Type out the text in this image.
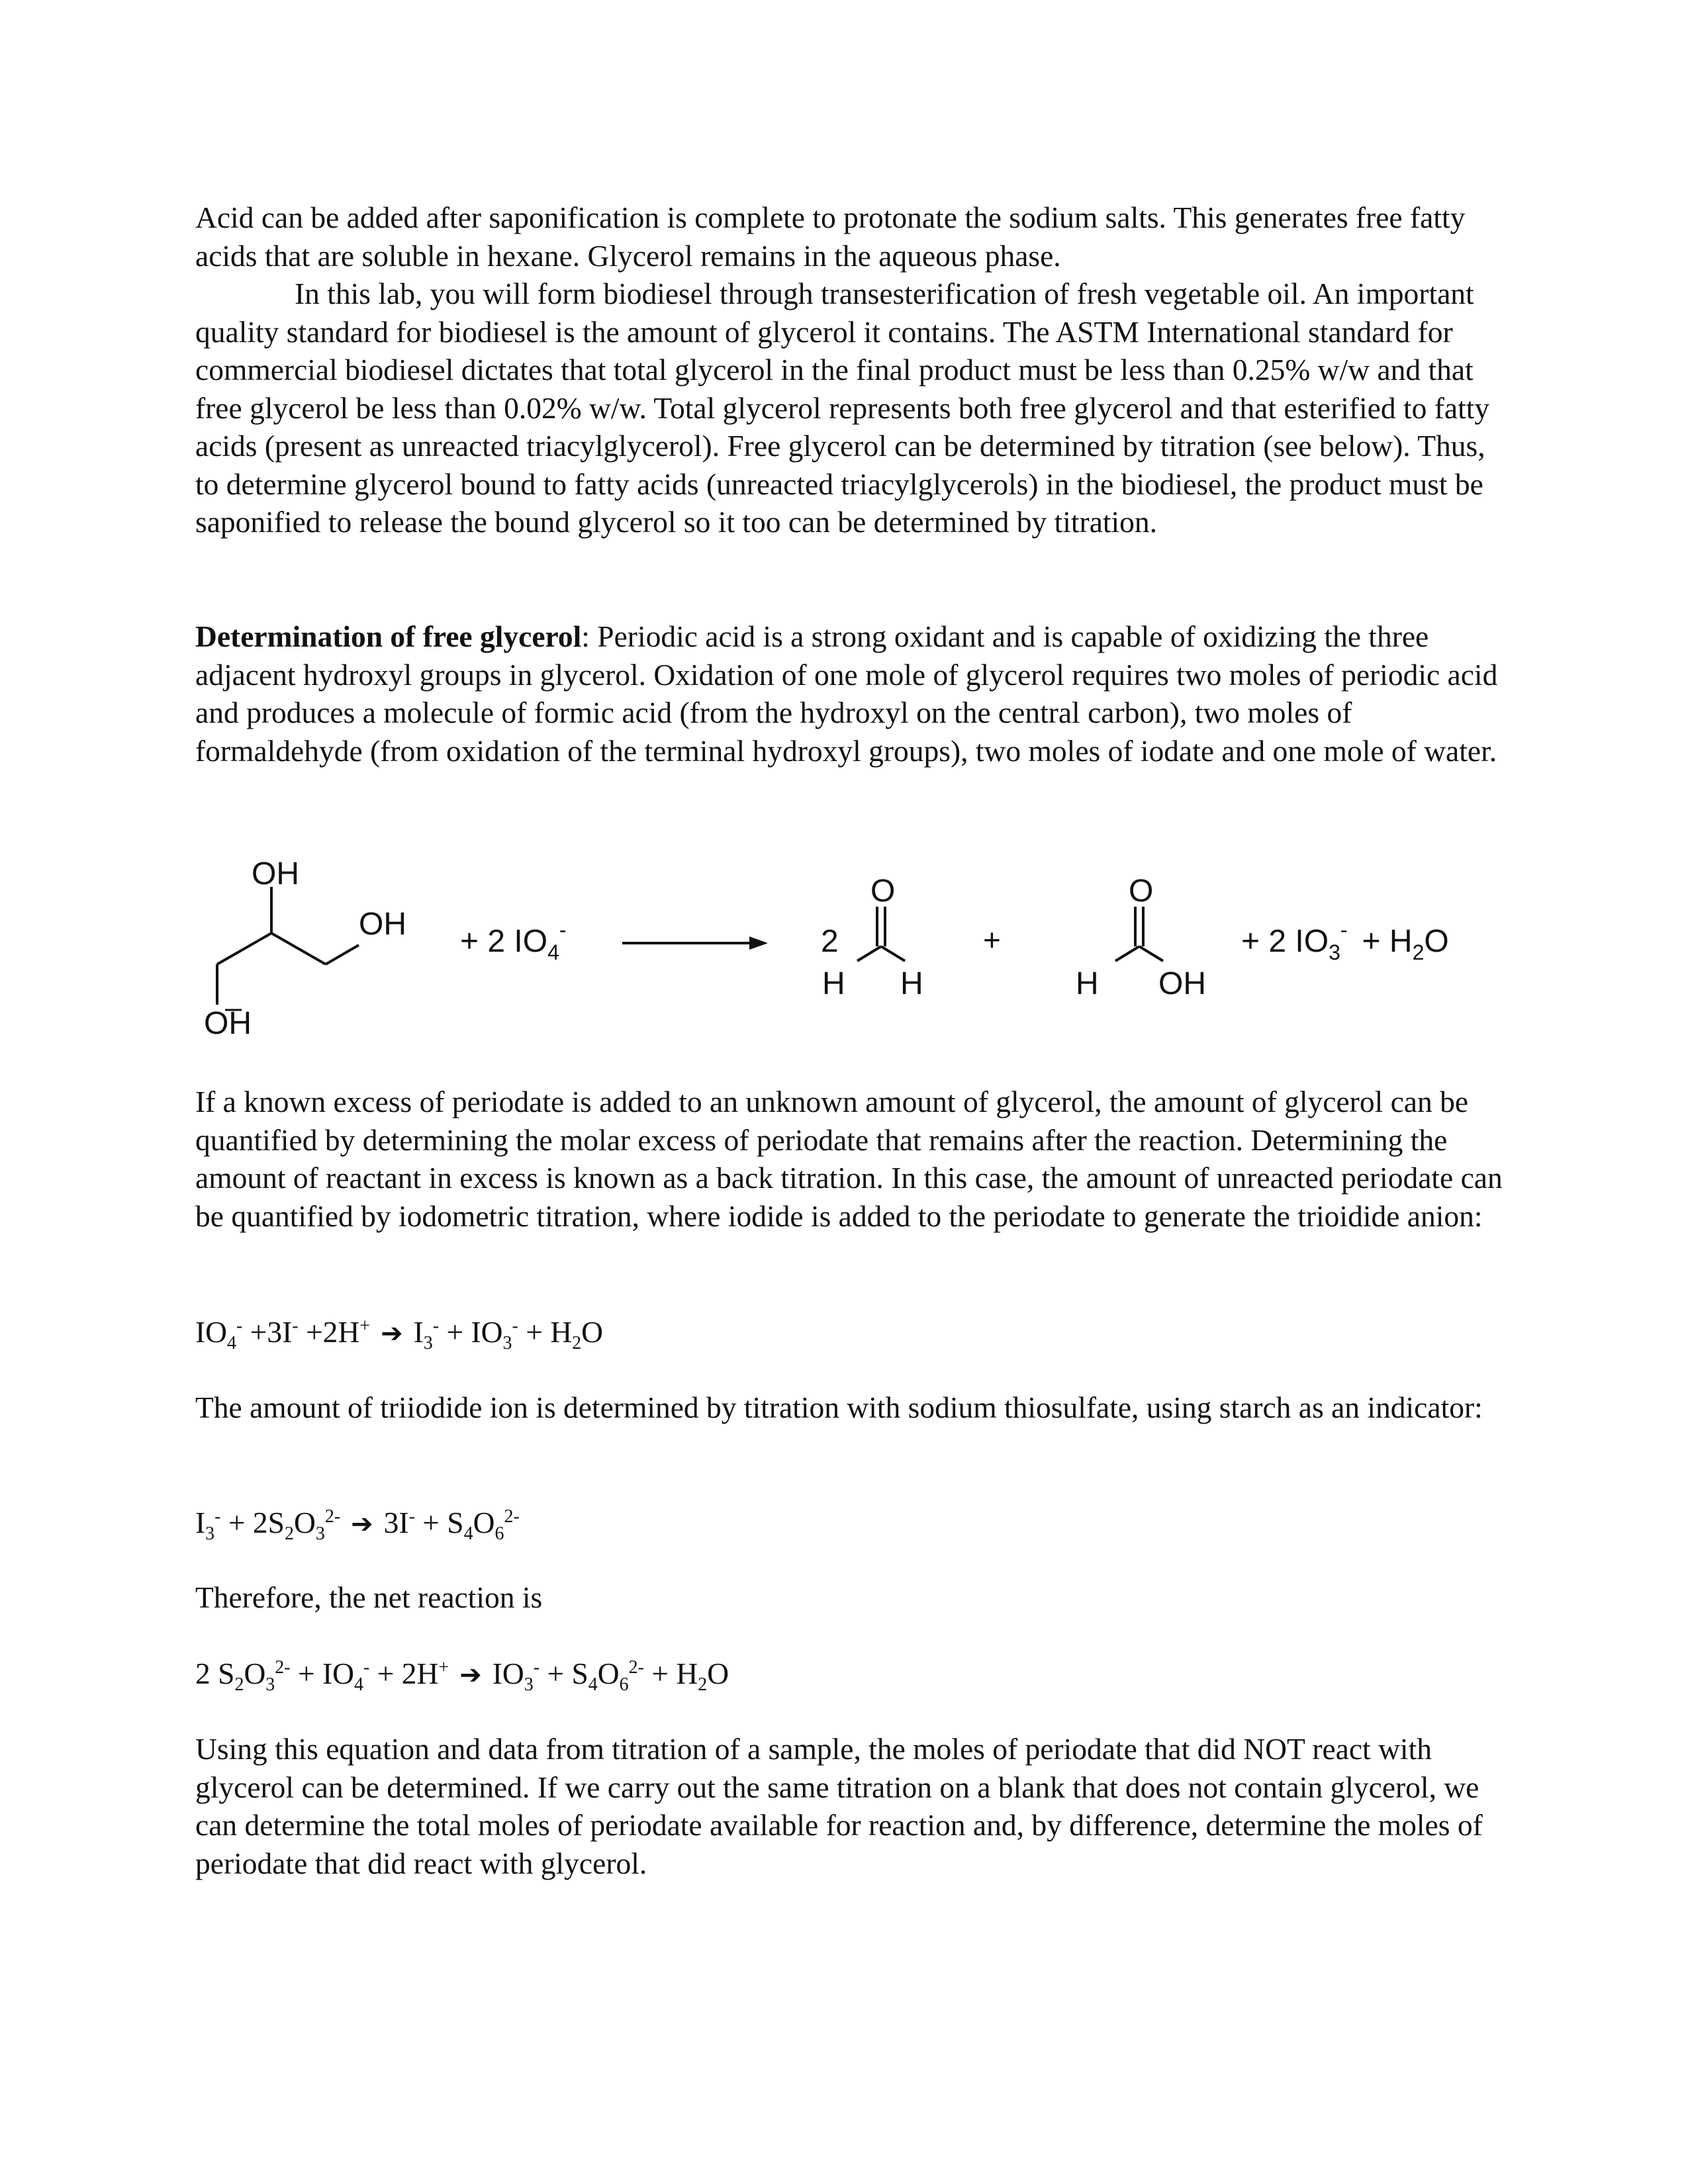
Acid can be added after saponification is complete to protonate the sodium salts. This generates free fatty acids that are soluble in hexane. Glycerol remains in the aqueous phase.

In this lab, you will form biodiesel through transesterification of fresh vegetable oil. An important quality standard for biodiesel is the amount of glycerol it contains. The ASTM International standard for commercial biodiesel dictates that total glycerol in the final product must be less than 0.25% w/w and that free glycerol be less than 0.02% w/w. Total glycerol represents both free glycerol and that esterified to fatty acids (present as unreacted triacylglycerol). Free glycerol can be determined by titration (see below). Thus, to determine glycerol bound to fatty acids (unreacted triacylglycerols) in the biodiesel, the product must be saponified to release the bound glycerol so it too can be determined by titration.

Determination of free glycerol: Periodic acid is a strong oxidant and is capable of oxidizing the three adjacent hydroxyl groups in glycerol. Oxidation of one mole of glycerol requires two moles of periodic acid and produces a molecule of formic acid (from the hydroxyl on the central carbon), two moles of formaldehyde (from oxidation of the terminal hydroxyl groups), two moles of iodate and one mole of water.

OH
OH
OH
+ 2 $IO_4^-$	2
O
H H
+
O
H OH
+ 2 $IO_3^- + H_2O$

If a known excess of periodate is added to an unknown amount of glycerol, the amount of glycerol can be quantified by determining the molar excess of periodate that remains after the reaction. Determining the amount of reactant in excess is known as a back titration. In this case, the amount of unreacted periodate can be quantified by iodometric titration, where iodide is added to the periodate to generate the trioidide anion:

$IO_4^- +3I^- +2H^+$ ➔ $I_3^- + IO_3^- + H_2O$

The amount of triiodide ion is determined by titration with sodium thiosulfate, using starch as an indicator:

$I_3^- + 2S_2O_3^{2-}$ ➔ $3I^- + S_4O_6^{2-}$

Therefore, the net reaction is

2 $S_2O_3^{2-} + IO_4^- + 2H^+$ ➔ $IO_3^- + S_4O_6^{2-} + H_2O$

Using this equation and data from titration of a sample, the moles of periodate that did NOT react with glycerol can be determined. If we carry out the same titration on a blank that does not contain glycerol, we can determine the total moles of periodate available for reaction and, by difference, determine the moles of periodate that did react with glycerol.
